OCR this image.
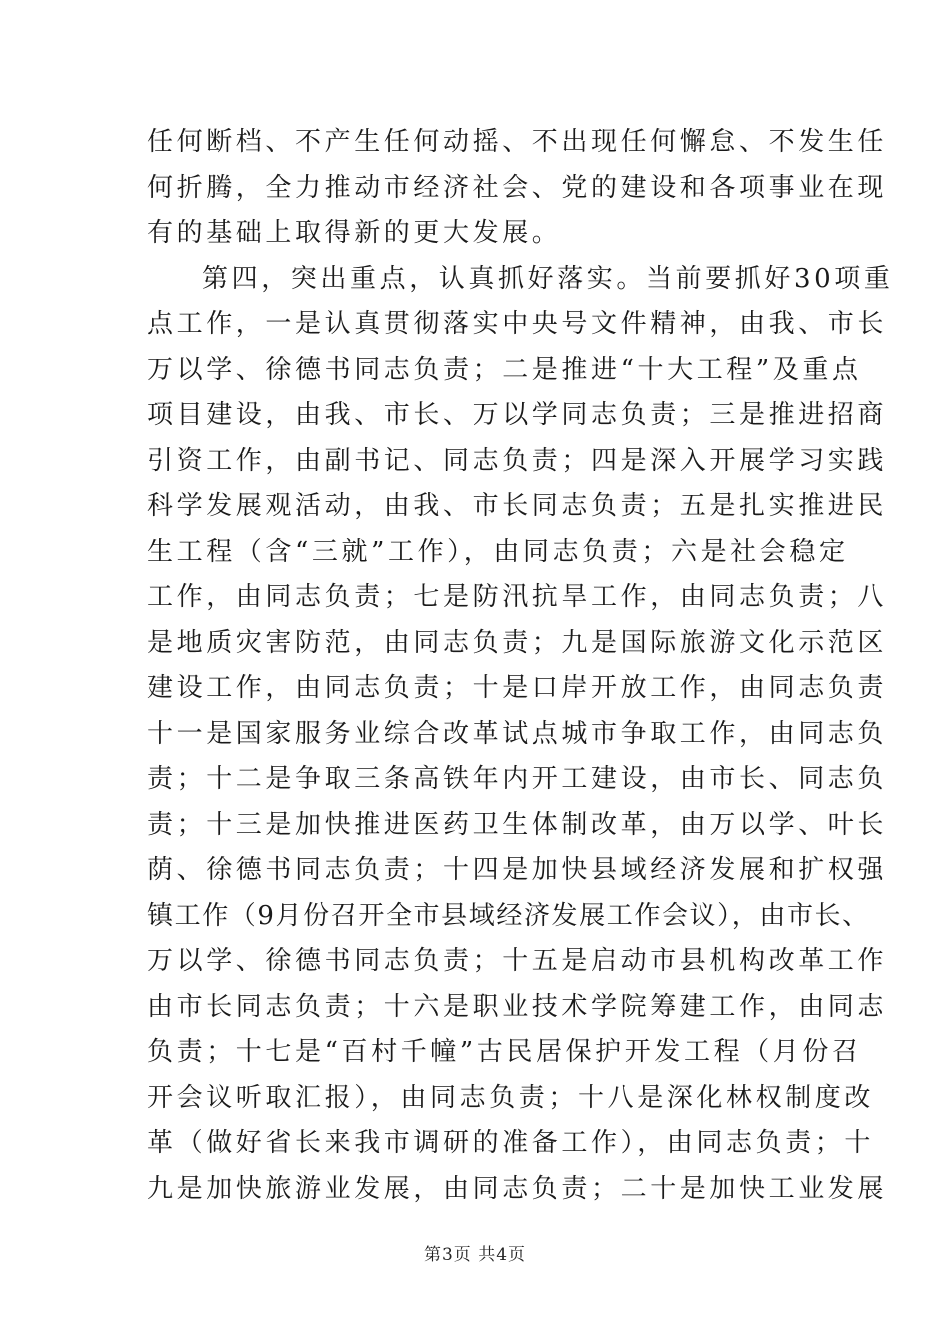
任何断档、不产生任何动摇、不出现任何懈怠、不发生任
何折腾，全力推动市经济社会、党的建设和各项事业在现
有的基础上取得新的更大发展。
第四，突出重点，认真抓好落实。当前要抓好30项重
点工作，一是认真贯彻落实中央号文件精神，由我、市长
万以学、徐德书同志负责；二是推进“十大工程”及重点
项目建设，由我、市长、万以学同志负责；三是推进招商
引资工作，由副书记、同志负责；四是深入开展学习实践
科学发展观活动，由我、市长同志负责；五是扎实推进民
生工程（含“三就”工作），由同志负责；六是社会稳定
工作，由同志负责；七是防汛抗旱工作，由同志负责；八
是地质灾害防范，由同志负责；九是国际旅游文化示范区
建设工作，由同志负责；十是口岸开放工作，由同志负责
十一是国家服务业综合改革试点城市争取工作，由同志负
责；十二是争取三条高铁年内开工建设，由市长、同志负
责；十三是加快推进医药卫生体制改革，由万以学、叶长
荫、徐德书同志负责；十四是加快县域经济发展和扩权强
镇工作（9月份召开全市县域经济发展工作会议），由市长、
万以学、徐德书同志负责；十五是启动市县机构改革工作
由市长同志负责；十六是职业技术学院筹建工作，由同志
负责；十七是“百村千幢”古民居保护开发工程（月份召
开会议听取汇报），由同志负责；十八是深化林权制度改
革（做好省长来我市调研的准备工作），由同志负责；十
九是加快旅游业发展，由同志负责；二十是加快工业发展
第3页 共4页
